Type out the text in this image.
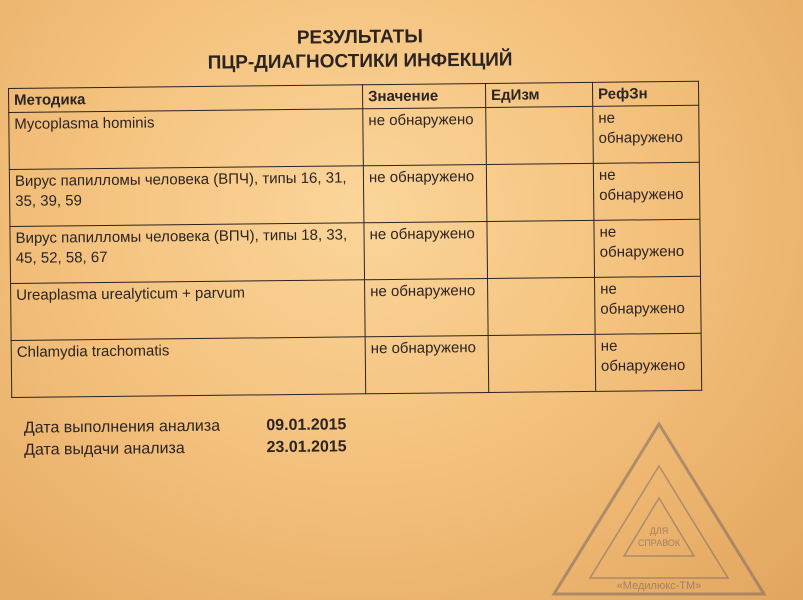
РЕЗУЛЬТАТЫ
ПЦР-ДИАГНОСТИКИ ИНФЕКЦИЙ
Методика	Значение	ЕдИзм	РефЗн
Mycoplasma hominis	не обнаружено		не обнаружено
Вирус папилломы человека (ВПЧ), типы 16, 31, 35, 39, 59	не обнаружено		не обнаружено
Вирус папилломы человека (ВПЧ), типы 18, 33, 45, 52, 58, 67	не обнаружено		не обнаружено
Ureaplasma urealyticum + parvum	не обнаружено		не обнаружено
Chlamydia trachomatis	не обнаружено		не обнаружено
Дата выполнения анализа	09.01.2015
Дата выдачи анализа	23.01.2015
ДЛЯ
СПРАВОК
«Медилюкс-ТМ»
